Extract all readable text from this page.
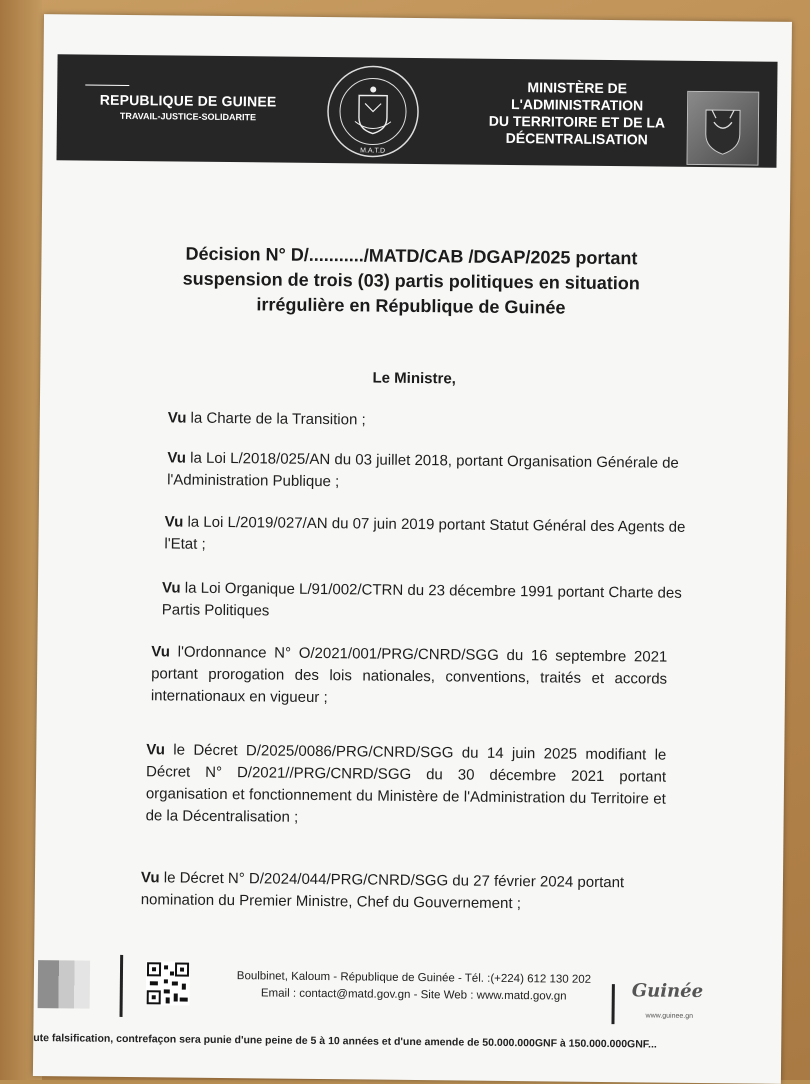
REPUBLIQUE DE GUINEE
TRAVAIL-JUSTICE-SOLIDARITE
M.A.T.D
MINISTÈRE DE L'ADMINISTRATION
DU TERRITOIRE ET DE LA
DÉCENTRALISATION
Décision N° D/.........../MATD/CAB /DGAP/2025 portant
suspension de trois (03) partis politiques en situation
irrégulière en République de Guinée
Le Ministre,
Vu la Charte de la Transition ;
Vu la Loi L/2018/025/AN du 03 juillet 2018, portant Organisation Générale de l'Administration Publique ;
Vu la Loi L/2019/027/AN du 07 juin 2019 portant Statut Général des Agents de l'Etat ;
Vu la Loi Organique L/91/002/CTRN du 23 décembre 1991 portant Charte des Partis Politiques
Vu l'Ordonnance N° O/2021/001/PRG/CNRD/SGG du 16 septembre 2021 portant prorogation des lois nationales, conventions, traités et accords internationaux en vigueur ;
Vu le Décret D/2025/0086/PRG/CNRD/SGG du 14 juin 2025 modifiant le Décret N° D/2021//PRG/CNRD/SGG du 30 décembre 2021 portant organisation et fonctionnement du Ministère de l'Administration du Territoire et de la Décentralisation ;
Vu le Décret N° D/2024/044/PRG/CNRD/SGG du 27 février 2024 portant nomination du Premier Ministre, Chef du Gouvernement ;
Boulbinet, Kaloum - République de Guinée - Tél. :(+224) 612 130 202
Email : contact@matd.gov.gn - Site Web : www.matd.gov.gn	Guinée
www.guinee.gn
ute falsification, contrefaçon sera punie d'une peine de 5 à 10 années et d'une amende de 50.000.000GNF à 150.000.000GNF...
